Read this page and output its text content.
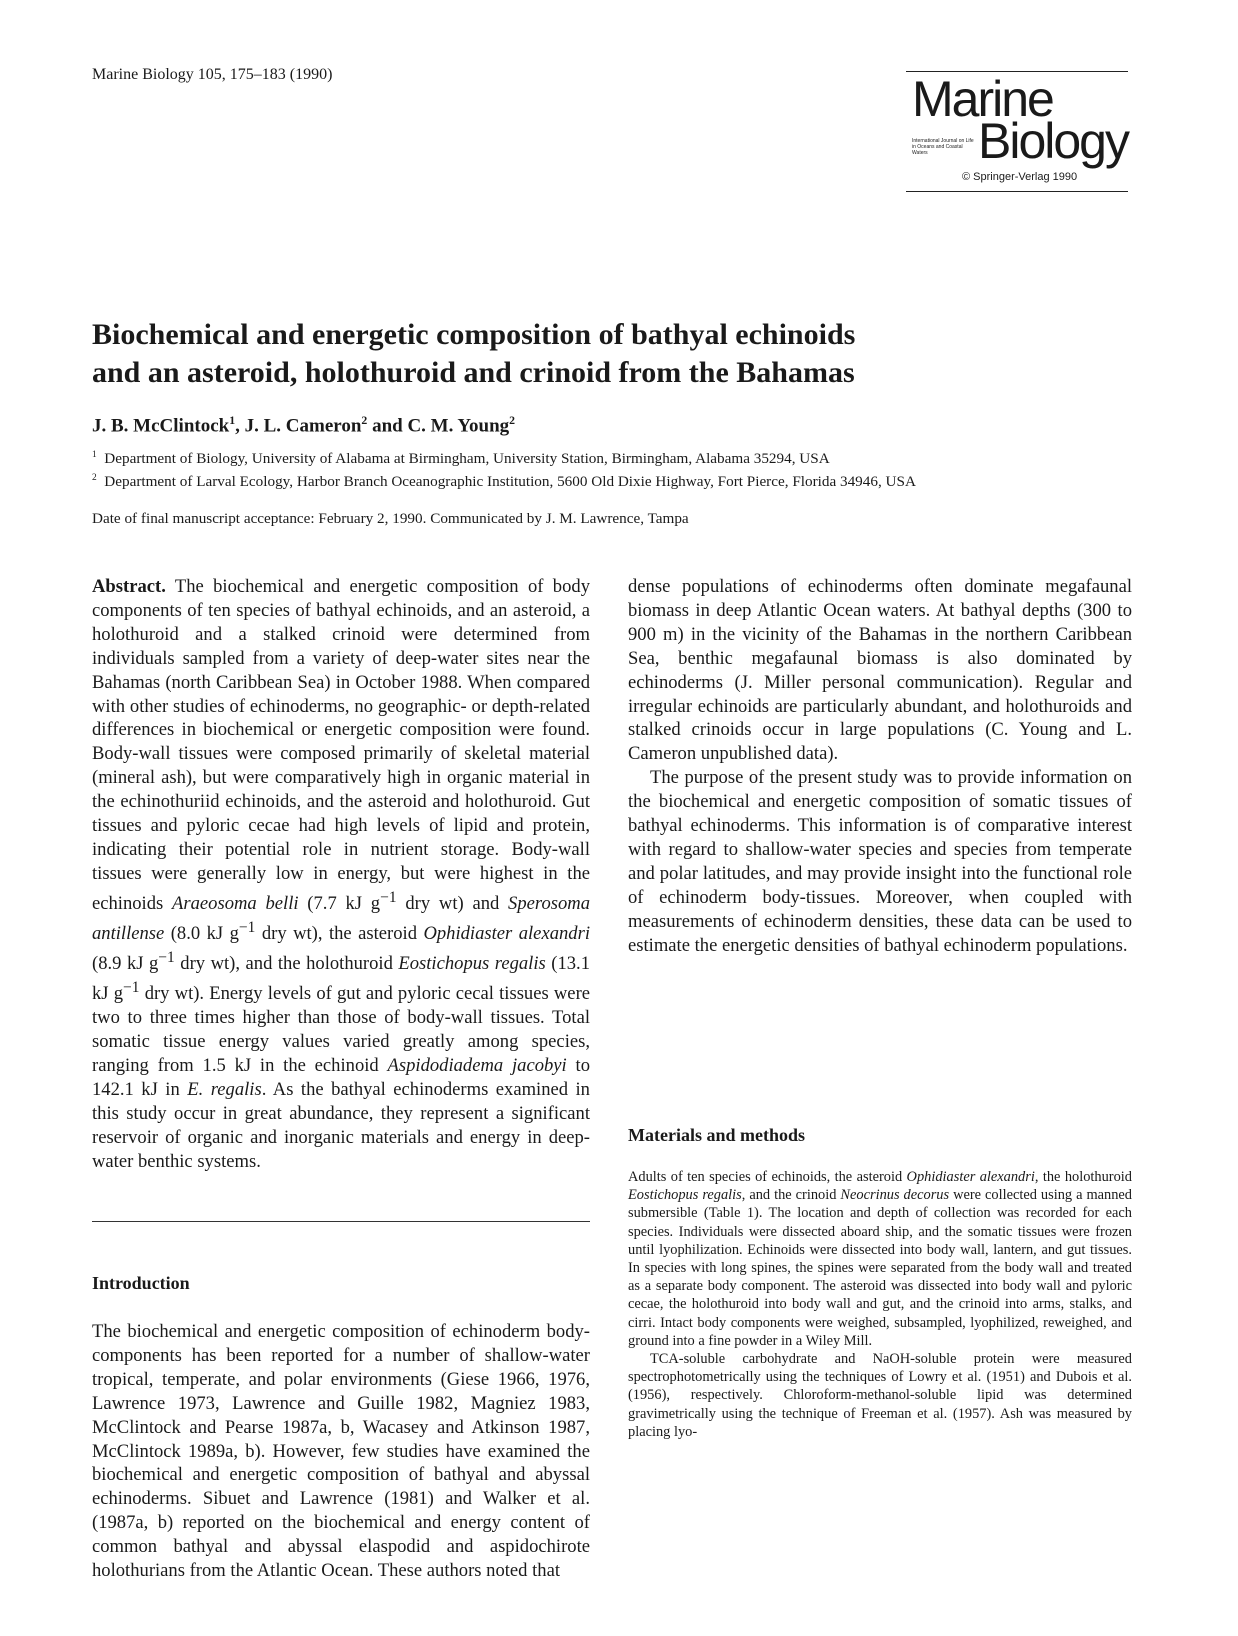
Marine Biology 105, 175–183 (1990)	Marine
International Journal on Life in Oceans and Coastal Waters	Biology
© Springer-Verlag 1990
Biochemical and energetic composition of bathyal echinoids
and an asteroid, holothuroid and crinoid from the Bahamas
J. B. McClintock$^1$, J. L. Cameron$^2$ and C. M. Young$^2$
$^1$ Department of Biology, University of Alabama at Birmingham, University Station, Birmingham, Alabama 35294, USA
$^2$ Department of Larval Ecology, Harbor Branch Oceanographic Institution, 5600 Old Dixie Highway, Fort Pierce, Florida 34946, USA
Date of final manuscript acceptance: February 2, 1990. Communicated by J. M. Lawrence, Tampa

Abstract. The biochemical and energetic composition of body components of ten species of bathyal echinoids, and an asteroid, a holothuroid and a stalked crinoid were determined from individuals sampled from a variety of deep-water sites near the Bahamas (north Caribbean Sea) in October 1988. When compared with other studies of echinoderms, no geographic- or depth-related differences in biochemical or energetic composition were found. Body-wall tissues were composed primarily of skeletal material (mineral ash), but were comparatively high in organic material in the echinothuriid echinoids, and the asteroid and holothuroid. Gut tissues and pyloric cecae had high levels of lipid and protein, indicating their potential role in nutrient storage. Body-wall tissues were generally low in energy, but were highest in the echinoids Araeosoma belli (7.7 kJ $g^{-1}$ dry wt) and Sperosoma antillense (8.0 kJ $g^{-1}$ dry wt), the asteroid Ophidiaster alexandri (8.9 kJ $g^{-1}$ dry wt), and the holothuroid Eostichopus regalis (13.1 kJ $g^{-1}$ dry wt). Energy levels of gut and pyloric cecal tissues were two to three times higher than those of body-wall tissues. Total somatic tissue energy values varied greatly among species, ranging from 1.5 kJ in the echinoid Aspidodiadema jacobyi to 142.1 kJ in E. regalis. As the bathyal echinoderms examined in this study occur in great abundance, they represent a significant reservoir of organic and inorganic materials and energy in deep-water benthic systems.

Introduction

The biochemical and energetic composition of echinoderm body-components has been reported for a number of shallow-water tropical, temperate, and polar environments (Giese 1966, 1976, Lawrence 1973, Lawrence and Guille 1982, Magniez 1983, McClintock and Pearse 1987a, b, Wacasey and Atkinson 1987, McClintock 1989a, b). However, few studies have examined the biochemical and energetic composition of bathyal and abyssal echinoderms. Sibuet and Lawrence (1981) and Walker et al. (1987a, b) reported on the biochemical and energy content of common bathyal and abyssal elaspodid and aspidochirote holothurians from the Atlantic Ocean. These authors noted that

dense populations of echinoderms often dominate megafaunal biomass in deep Atlantic Ocean waters. At bathyal depths (300 to 900 m) in the vicinity of the Bahamas in the northern Caribbean Sea, benthic megafaunal biomass is also dominated by echinoderms (J. Miller personal communication). Regular and irregular echinoids are particularly abundant, and holothuroids and stalked crinoids occur in large populations (C. Young and L. Cameron unpublished data).

The purpose of the present study was to provide information on the biochemical and energetic composition of somatic tissues of bathyal echinoderms. This information is of comparative interest with regard to shallow-water species and species from temperate and polar latitudes, and may provide insight into the functional role of echinoderm body-tissues. Moreover, when coupled with measurements of echinoderm densities, these data can be used to estimate the energetic densities of bathyal echinoderm populations.

Materials and methods

Adults of ten species of echinoids, the asteroid Ophidiaster alexandri, the holothuroid Eostichopus regalis, and the crinoid Neocrinus decorus were collected using a manned submersible (Table 1). The location and depth of collection was recorded for each species. Individuals were dissected aboard ship, and the somatic tissues were frozen until lyophilization. Echinoids were dissected into body wall, lantern, and gut tissues. In species with long spines, the spines were separated from the body wall and treated as a separate body component. The asteroid was dissected into body wall and pyloric cecae, the holothuroid into body wall and gut, and the crinoid into arms, stalks, and cirri. Intact body components were weighed, subsampled, lyophilized, reweighed, and ground into a fine powder in a Wiley Mill.

TCA-soluble carbohydrate and NaOH-soluble protein were measured spectrophotometrically using the techniques of Lowry et al. (1951) and Dubois et al. (1956), respectively. Chloroform-methanol-soluble lipid was determined gravimetrically using the technique of Freeman et al. (1957). Ash was measured by placing lyo-
